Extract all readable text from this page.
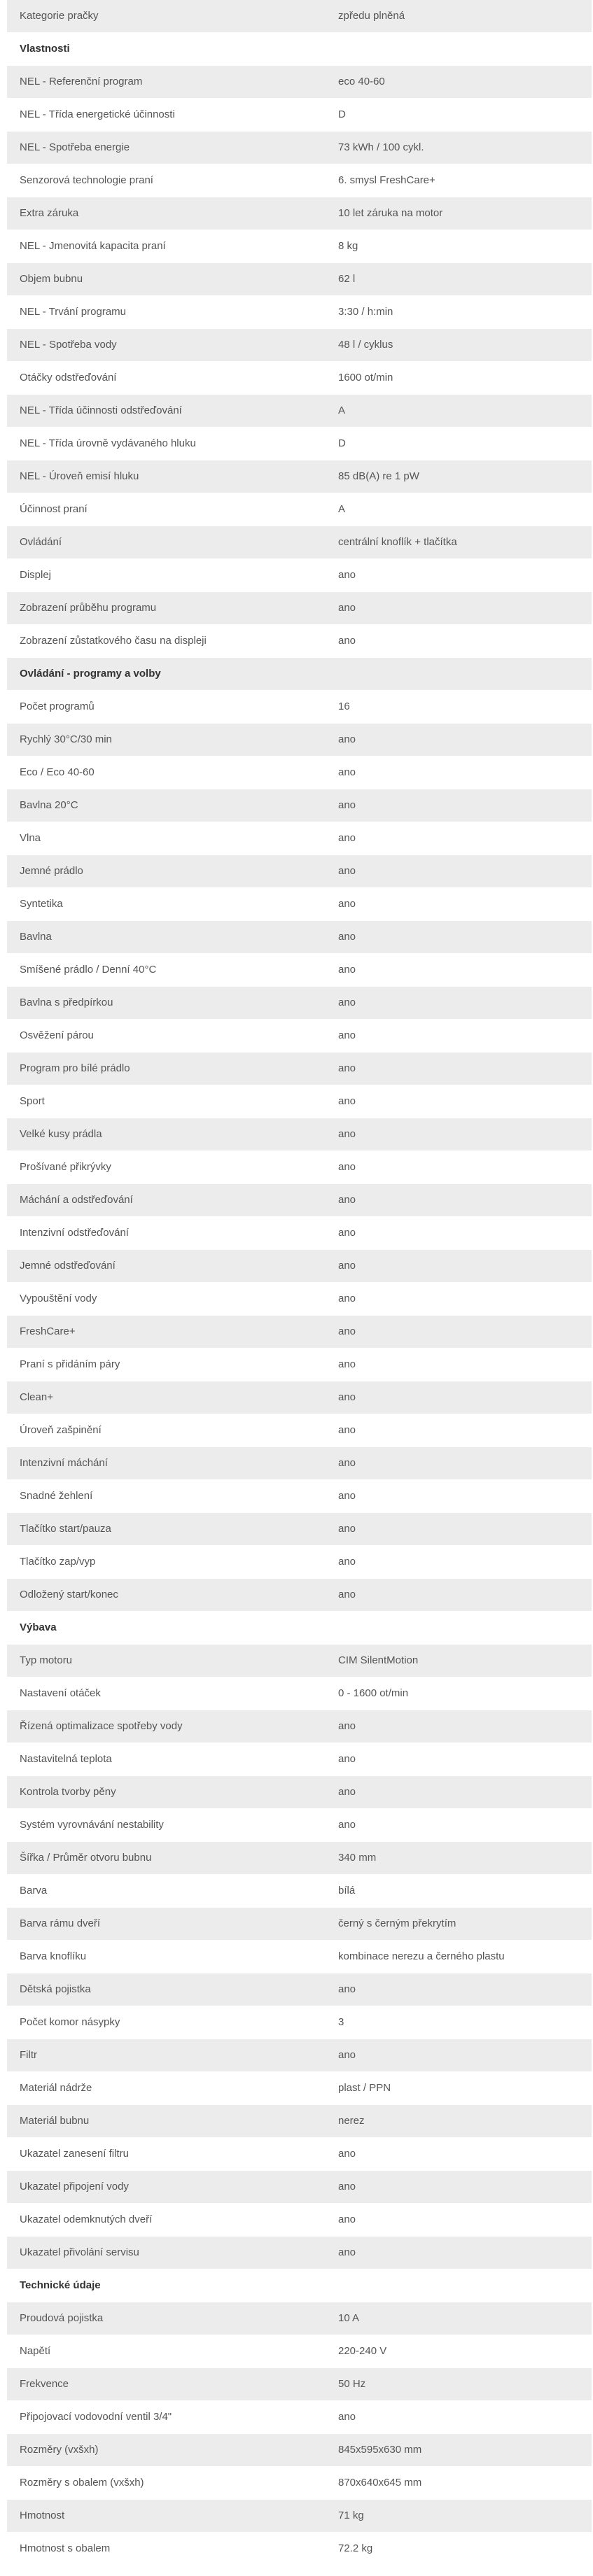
Kategorie pračky	zpředu plněná
Vlastnosti	
NEL - Referenční program	eco 40-60
NEL - Třída energetické účinnosti	D
NEL - Spotřeba energie	73 kWh / 100 cykl.
Senzorová technologie praní	6. smysl FreshCare+
Extra záruka	10 let záruka na motor
NEL - Jmenovitá kapacita praní	8 kg
Objem bubnu	62 l
NEL - Trvání programu	3:30 / h:min
NEL - Spotřeba vody	48 l / cyklus
Otáčky odstřeďování	1600 ot/min
NEL - Třída účinnosti odstřeďování	A
NEL - Třída úrovně vydávaného hluku	D
NEL - Úroveň emisí hluku	85 dB(A) re 1 pW
Účinnost praní	A
Ovládání	centrální knoflík + tlačítka
Displej	ano
Zobrazení průběhu programu	ano
Zobrazení zůstatkového času na displeji	ano
Ovládání - programy a volby	
Počet programů	16
Rychlý 30°C/30 min	ano
Eco / Eco 40-60	ano
Bavlna 20°C	ano
Vlna	ano
Jemné prádlo	ano
Syntetika	ano
Bavlna	ano
Smíšené prádlo / Denní 40°C	ano
Bavlna s předpírkou	ano
Osvěžení párou	ano
Program pro bílé prádlo	ano
Sport	ano
Velké kusy prádla	ano
Prošívané přikrývky	ano
Máchání a odstřeďování	ano
Intenzivní odstřeďování	ano
Jemné odstřeďování	ano
Vypouštění vody	ano
FreshCare+	ano
Praní s přidáním páry	ano
Clean+	ano
Úroveň zašpinění	ano
Intenzivní máchání	ano
Snadné žehlení	ano
Tlačítko start/pauza	ano
Tlačítko zap/vyp	ano
Odložený start/konec	ano
Výbava	
Typ motoru	CIM SilentMotion
Nastavení otáček	0 - 1600 ot/min
Řízená optimalizace spotřeby vody	ano
Nastavitelná teplota	ano
Kontrola tvorby pěny	ano
Systém vyrovnávání nestability	ano
Šířka / Průměr otvoru bubnu	340 mm
Barva	bílá
Barva rámu dveří	černý s černým překrytím
Barva knoflíku	kombinace nerezu a černého plastu
Dětská pojistka	ano
Počet komor násypky	3
Filtr	ano
Materiál nádrže	plast / PPN
Materiál bubnu	nerez
Ukazatel zanesení filtru	ano
Ukazatel připojení vody	ano
Ukazatel odemknutých dveří	ano
Ukazatel přivolání servisu	ano
Technické údaje	
Proudová pojistka	10 A
Napětí	220-240 V
Frekvence	50 Hz
Připojovací vodovodní ventil 3/4"	ano
Rozměry (vxšxh)	845x595x630 mm
Rozměry s obalem (vxšxh)	870x640x645 mm
Hmotnost	71 kg
Hmotnost s obalem	72.2 kg
